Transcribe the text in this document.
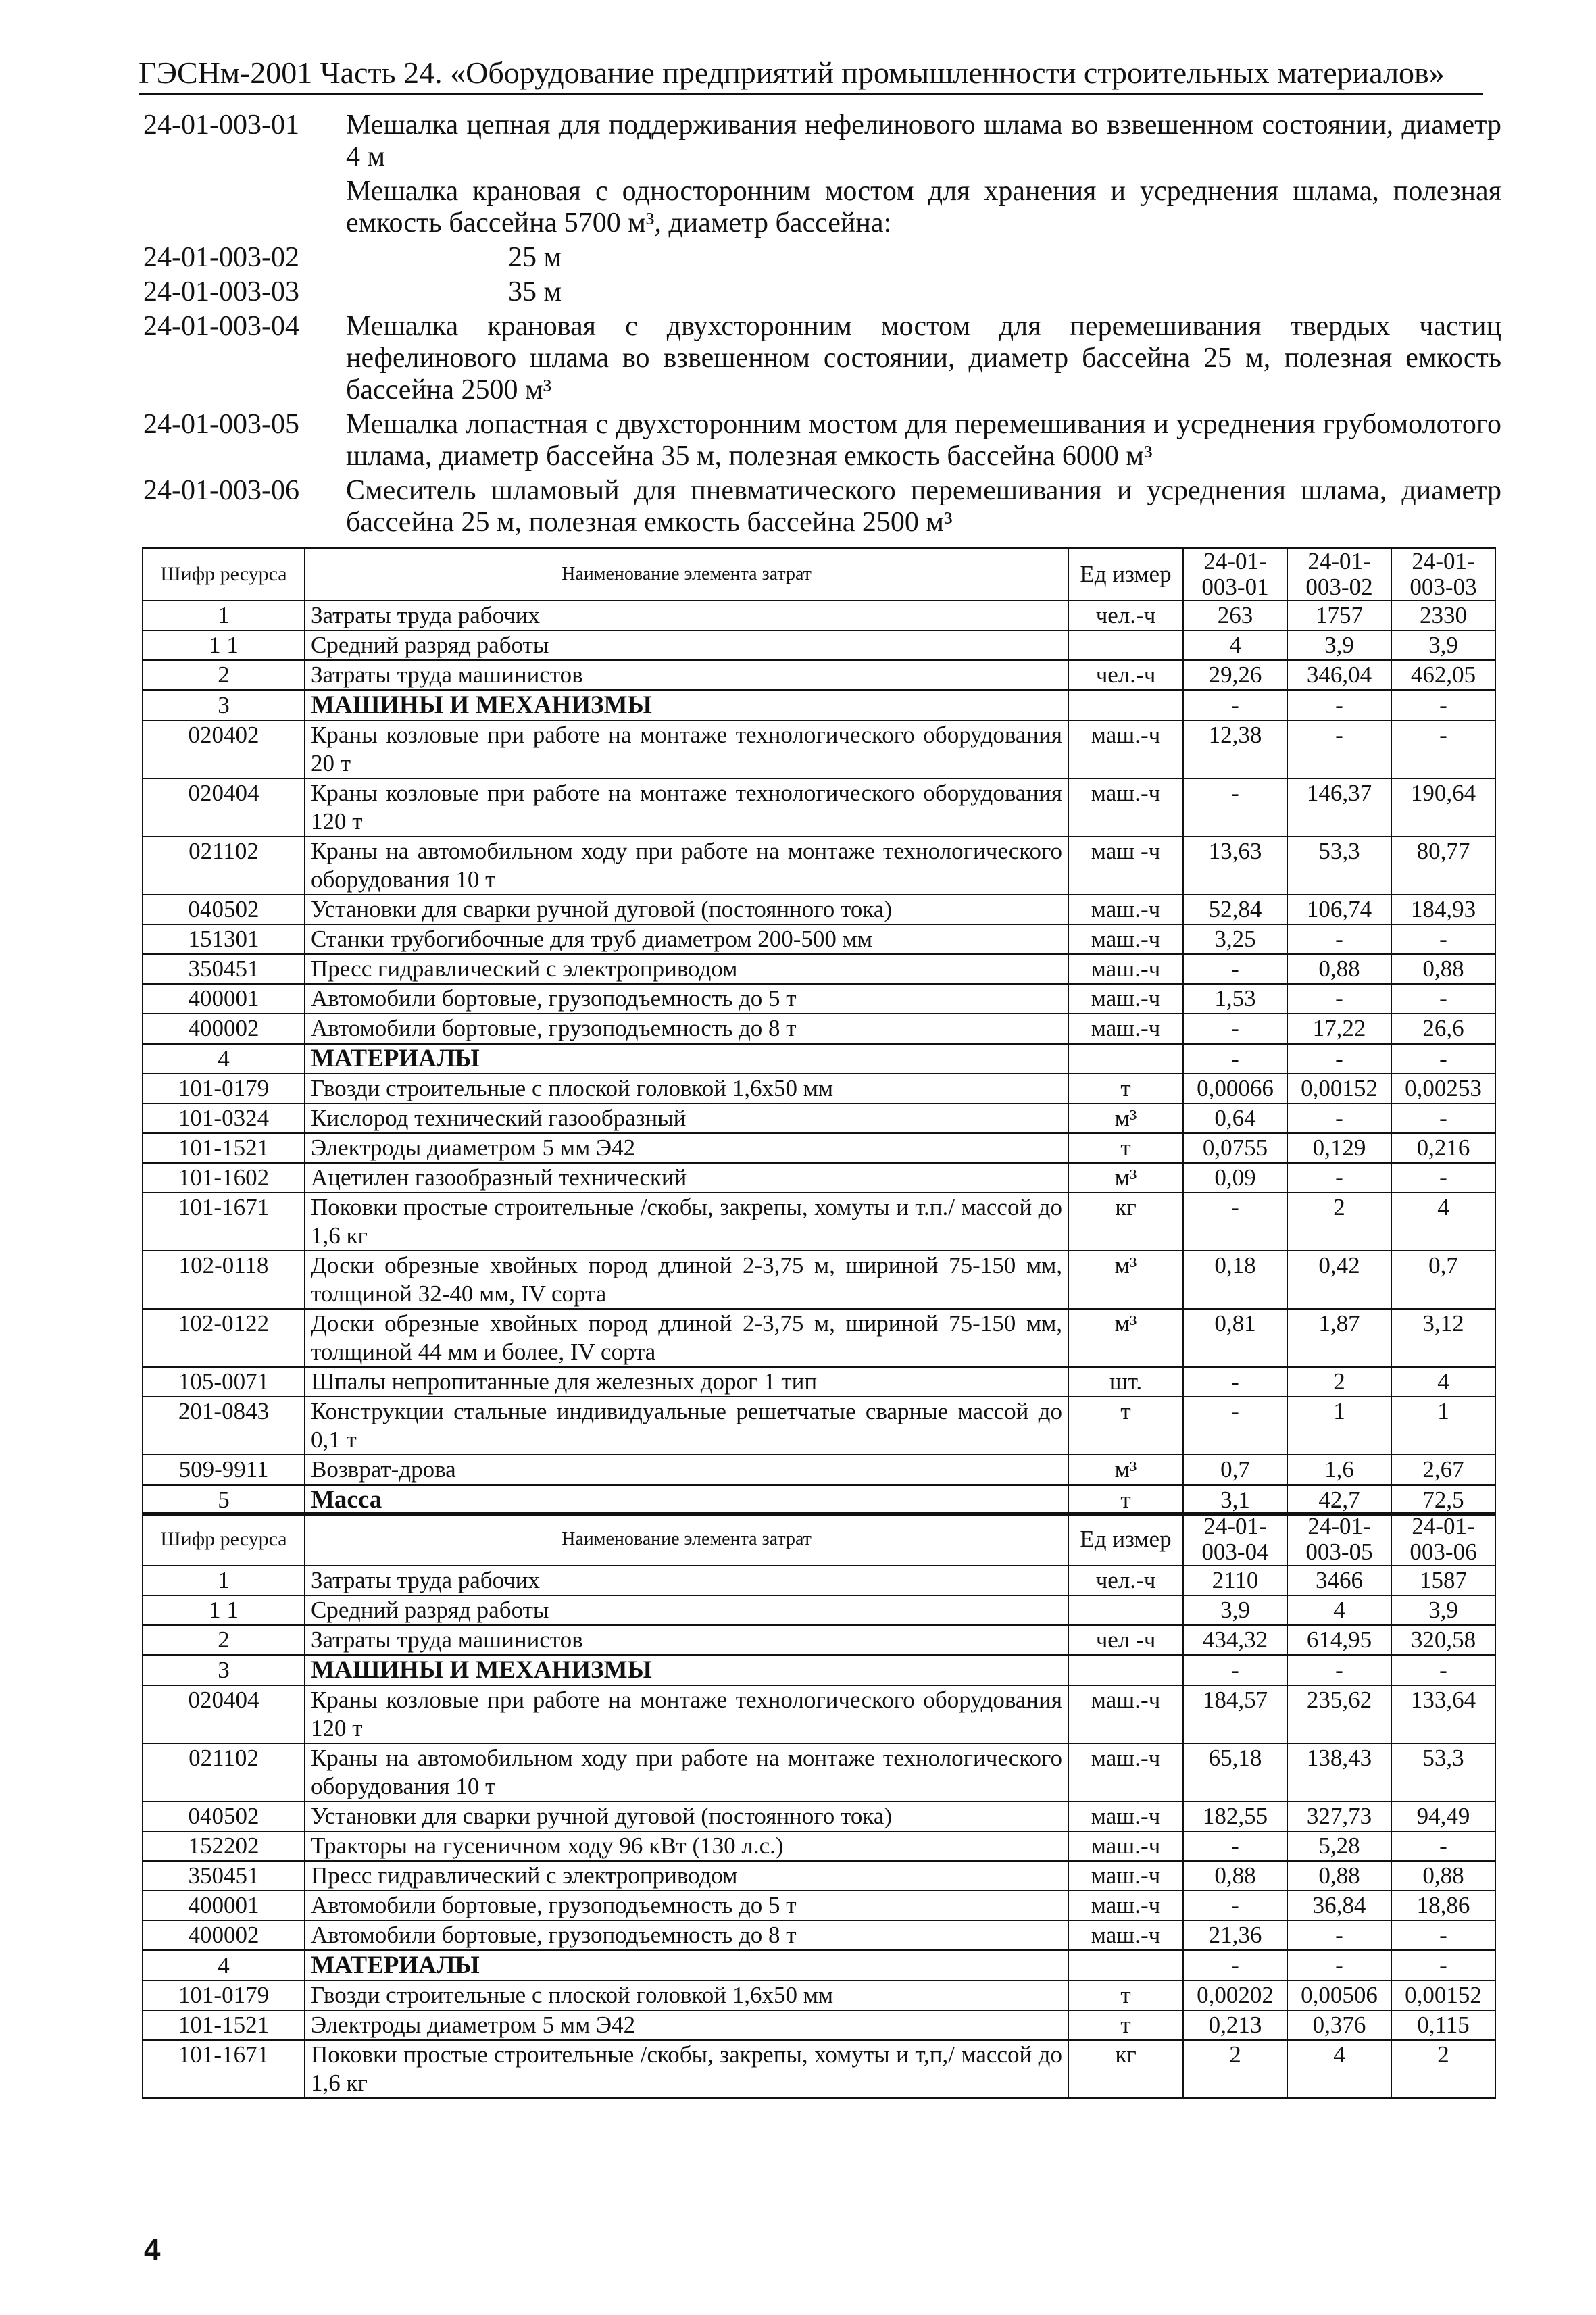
ГЭСНм-2001 Часть 24. «Оборудование предприятий промышленности строительных материалов»
24-01-003-01	Мешалка цепная для поддерживания нефелинового шлама во взвешенном состоянии, диаметр 4 м
Мешалка крановая с односторонним мостом для хранения и усреднения шлама, полезная емкость бассейна 5700 м³, диаметр бассейна:
24-01-003-02	25 м
24-01-003-03	35 м
24-01-003-04	Мешалка крановая с двухсторонним мостом для перемешивания твердых частиц нефелинового шлама во взвешенном состоянии, диаметр бассейна 25 м, полезная емкость бассейна 2500 м³
24-01-003-05	Мешалка лопастная с двухсторонним мостом для перемешивания и усреднения грубомолотого шлама, диаметр бассейна 35 м, полезная емкость бассейна 6000 м³
24-01-003-06	Смеситель шламовый для пневматического перемешивания и усреднения шлама, диаметр бассейна 25 м, полезная емкость бассейна 2500 м³
Шифр ресурса	Наименование элемента затрат	Ед измер	24-01-003-01	24-01-003-02	24-01-003-03
1	Затраты труда рабочих	чел.-ч	263	1757	2330
1 1	Средний разряд работы		4	3,9	3,9
2	Затраты труда машинистов	чел.-ч	29,26	346,04	462,05
3	МАШИНЫ И МЕХАНИЗМЫ		-	-	-
020402	Краны козловые при работе на монтаже технологического оборудования 20 т	маш.-ч	12,38	-	-
020404	Краны козловые при работе на монтаже технологического оборудования 120 т	маш.-ч	-	146,37	190,64
021102	Краны на автомобильном ходу при работе на монтаже технологического оборудования 10 т	маш -ч	13,63	53,3	80,77
040502	Установки для сварки ручной дуговой (постоянного тока)	маш.-ч	52,84	106,74	184,93
151301	Станки трубогибочные для труб диаметром 200-500 мм	маш.-ч	3,25	-	-
350451	Пресс гидравлический с электроприводом	маш.-ч	-	0,88	0,88
400001	Автомобили бортовые, грузоподъемность до 5 т	маш.-ч	1,53	-	-
400002	Автомобили бортовые, грузоподъемность до 8 т	маш.-ч	-	17,22	26,6
4	МАТЕРИАЛЫ		-	-	-
101-0179	Гвозди строительные с плоской головкой 1,6х50 мм	т	0,00066	0,00152	0,00253
101-0324	Кислород технический газообразный	м³	0,64	-	-
101-1521	Электроды диаметром 5 мм Э42	т	0,0755	0,129	0,216
101-1602	Ацетилен газообразный технический	м³	0,09	-	-
101-1671	Поковки простые строительные /скобы, закрепы, хомуты и т.п./ массой до 1,6 кг	кг	-	2	4
102-0118	Доски обрезные хвойных пород длиной 2-3,75 м, шириной 75-150 мм, толщиной 32-40 мм, IV сорта	м³	0,18	0,42	0,7
102-0122	Доски обрезные хвойных пород длиной 2-3,75 м, шириной 75-150 мм, толщиной 44 мм и более, IV сорта	м³	0,81	1,87	3,12
105-0071	Шпалы непропитанные для железных дорог 1 тип	шт.	-	2	4
201-0843	Конструкции стальные индивидуальные решетчатые сварные массой до 0,1 т	т	-	1	1
509-9911	Возврат-дрова	м³	0,7	1,6	2,67
5	Масса	т	3,1	42,7	72,5
Шифр ресурса	Наименование элемента затрат	Ед измер	24-01-003-04	24-01-003-05	24-01-003-06
1	Затраты труда рабочих	чел.-ч	2110	3466	1587
1 1	Средний разряд работы		3,9	4	3,9
2	Затраты труда машинистов	чел -ч	434,32	614,95	320,58
3	МАШИНЫ И МЕХАНИЗМЫ		-	-	-
020404	Краны козловые при работе на монтаже технологического оборудования 120 т	маш.-ч	184,57	235,62	133,64
021102	Краны на автомобильном ходу при работе на монтаже технологического оборудования 10 т	маш.-ч	65,18	138,43	53,3
040502	Установки для сварки ручной дуговой (постоянного тока)	маш.-ч	182,55	327,73	94,49
152202	Тракторы на гусеничном ходу 96 кВт (130 л.с.)	маш.-ч	-	5,28	-
350451	Пресс гидравлический с электроприводом	маш.-ч	0,88	0,88	0,88
400001	Автомобили бортовые, грузоподъемность до 5 т	маш.-ч	-	36,84	18,86
400002	Автомобили бортовые, грузоподъемность до 8 т	маш.-ч	21,36	-	-
4	МАТЕРИАЛЫ		-	-	-
101-0179	Гвозди строительные с плоской головкой 1,6х50 мм	т	0,00202	0,00506	0,00152
101-1521	Электроды диаметром 5 мм Э42	т	0,213	0,376	0,115
101-1671	Поковки простые строительные /скобы, закрепы, хомуты и т,п,/ массой до 1,6 кг	кг	2	4	2
4
